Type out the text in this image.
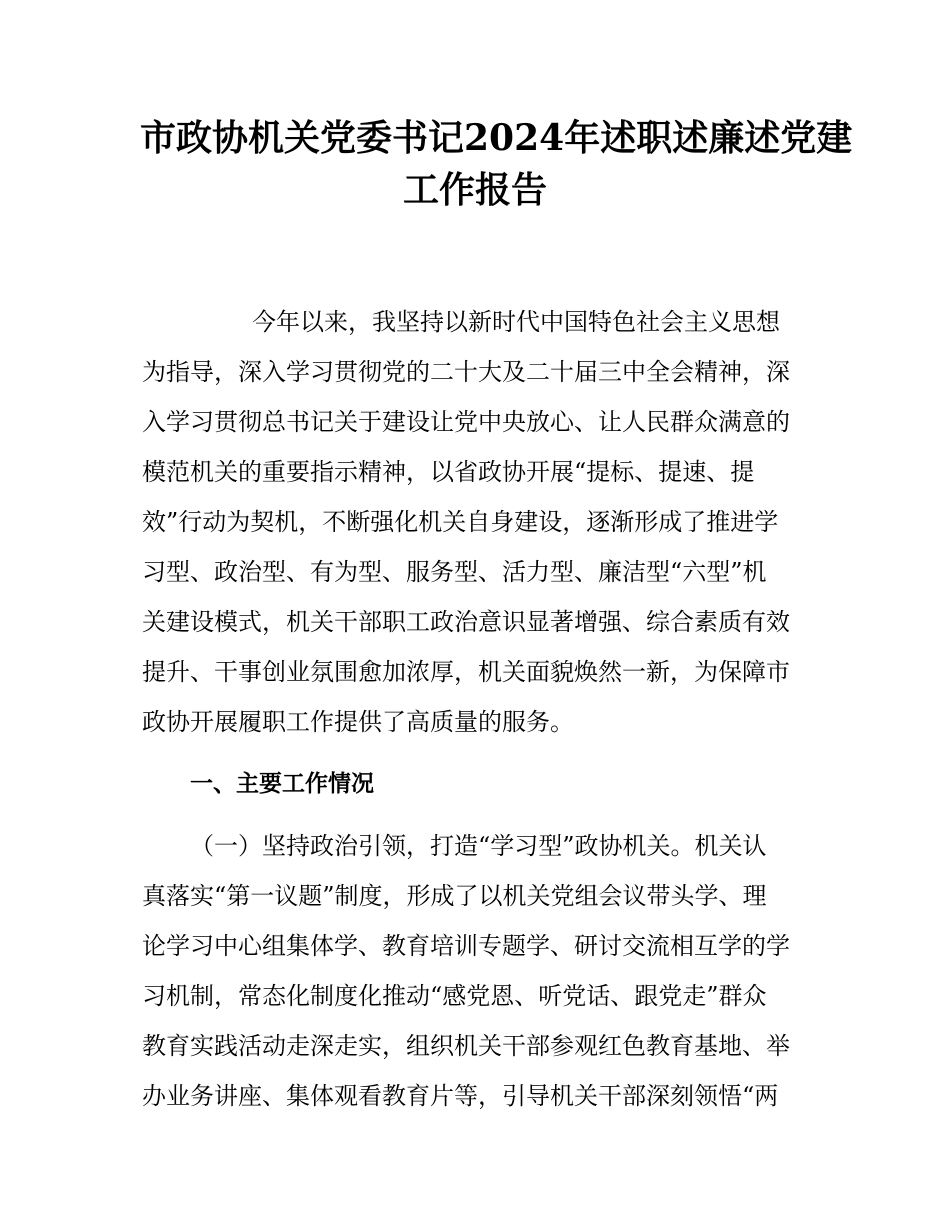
市政协机关党委书记2024年述职述廉述党建
工作报告
今年以来，我坚持以新时代中国特色社会主义思想
为指导，深入学习贯彻党的二十大及二十届三中全会精神，深
入学习贯彻总书记关于建设让党中央放心、让人民群众满意的
模范机关的重要指示精神，以省政协开展“提标、提速、提
效”行动为契机，不断强化机关自身建设，逐渐形成了推进学
习型、政治型、有为型、服务型、活力型、廉洁型“六型”机
关建设模式，机关干部职工政治意识显著增强、综合素质有效
提升、干事创业氛围愈加浓厚，机关面貌焕然一新，为保障市
政协开展履职工作提供了高质量的服务。
一、主要工作情况
（一）坚持政治引领，打造“学习型”政协机关。机关认
真落实“第一议题”制度，形成了以机关党组会议带头学、理
论学习中心组集体学、教育培训专题学、研讨交流相互学的学
习机制，常态化制度化推动“感党恩、听党话、跟党走”群众
教育实践活动走深走实，组织机关干部参观红色教育基地、举
办业务讲座、集体观看教育片等，引导机关干部深刻领悟“两
